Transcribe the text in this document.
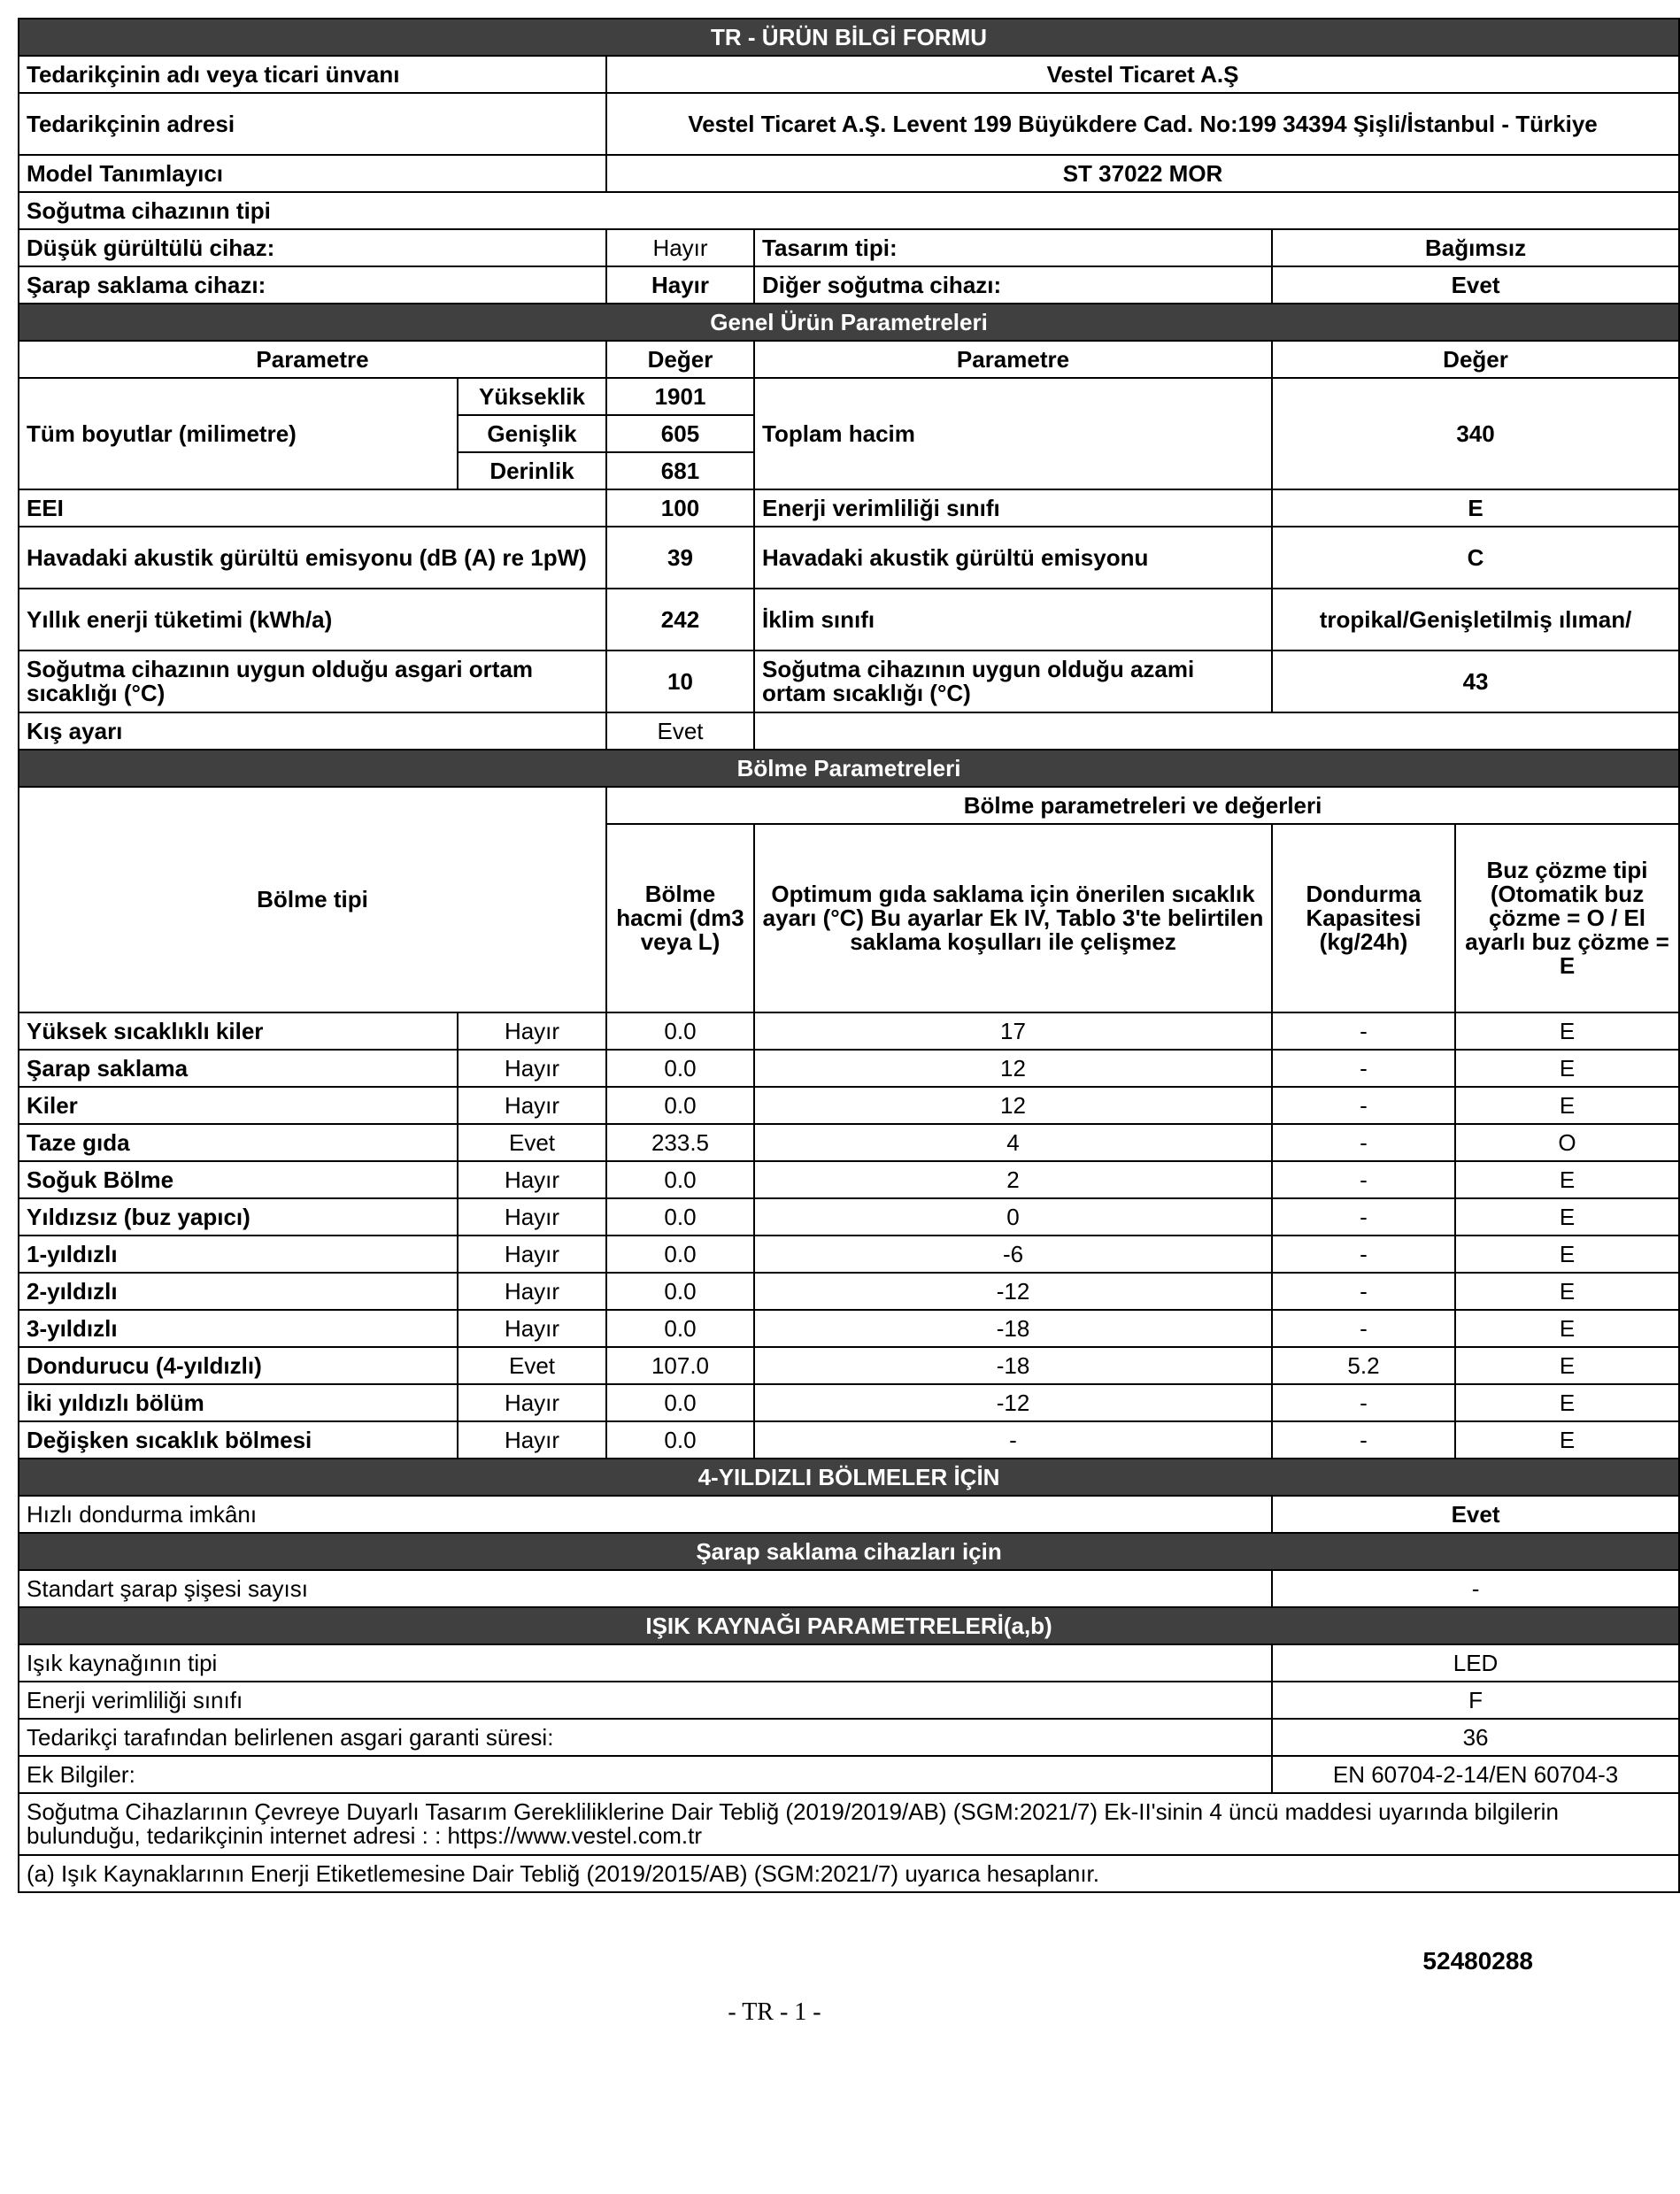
TR - ÜRÜN BİLGİ FORMU					
Tedarikçinin adı veya ticari ünvanı		Vestel Ticaret A.Ş			
Tedarikçinin adresi		Vestel Ticaret A.Ş. Levent 199 Büyükdere Cad. No:199 34394 Şişli/İstanbul - Türkiye			
Model Tanımlayıcı		ST 37022 MOR			
Soğutma cihazının tipi					
Düşük gürültülü cihaz:		Hayır	Tasarım tipi:	Bağımsız	
Şarap saklama cihazı:		Hayır	Diğer soğutma cihazı:	Evet	
Genel Ürün Parametreleri					
Parametre		Değer	Parametre	Değer	
Tüm boyutlar (milimetre)	Yükseklik	1901	Toplam hacim	340	
	Genişlik	605			
	Derinlik	681			
EEI		100	Enerji verimliliği sınıfı	E	
Havadaki akustik gürültü emisyonu (dB (A) re 1pW)		39	Havadaki akustik gürültü emisyonu	C	
Yıllık enerji tüketimi (kWh/a)		242	İklim sınıfı	tropikal/Genişletilmiş ılıman/	
Soğutma cihazının uygun olduğu asgari ortam sıcaklığı (°C)		10	Soğutma cihazının uygun olduğu azami ortam sıcaklığı (°C)	43	
Kış ayarı		Evet			
Bölme Parametreleri					
Bölme tipi		Bölme parametreleri ve değerleri			
		Bölme hacmi (dm3 veya L)	Optimum gıda saklama için önerilen sıcaklık ayarı (°C) Bu ayarlar Ek IV, Tablo 3'te belirtilen saklama koşulları ile çelişmez	Dondurma Kapasitesi (kg/24h)	Buz çözme tipi (Otomatik buz çözme = O / El ayarlı buz çözme = E
Yüksek sıcaklıklı kiler	Hayır	0.0	17	-	E
Şarap saklama	Hayır	0.0	12	-	E
Kiler	Hayır	0.0	12	-	E
Taze gıda	Evet	233.5	4	-	O
Soğuk Bölme	Hayır	0.0	2	-	E
Yıldızsız (buz yapıcı)	Hayır	0.0	0	-	E
1-yıldızlı	Hayır	0.0	-6	-	E
2-yıldızlı	Hayır	0.0	-12	-	E
3-yıldızlı	Hayır	0.0	-18	-	E
Dondurucu (4-yıldızlı)	Evet	107.0	-18	5.2	E
İki yıldızlı bölüm	Hayır	0.0	-12	-	E
Değişken sıcaklık bölmesi	Hayır	0.0	-	-	E
4-YILDIZLI BÖLMELER İÇİN					
Hızlı dondurma imkânı				Evet	
Şarap saklama cihazları için					
Standart şarap şişesi sayısı				-	
IŞIK KAYNAĞI PARAMETRELERİ(a,b)					
Işık kaynağının tipi				LED	
Enerji verimliliği sınıfı				F	
Tedarikçi tarafından belirlenen asgari garanti süresi:				36	
Ek Bilgiler:				EN 60704-2-14/EN 60704-3	
Soğutma Cihazlarının Çevreye Duyarlı Tasarım Gerekliliklerine Dair Tebliğ (2019/2019/AB) (SGM:2021/7) Ek-II'sinin 4 üncü maddesi uyarında bilgilerin bulunduğu, tedarikçinin internet adresi : : https://www.vestel.com.tr					
(a) Işık Kaynaklarının Enerji Etiketlemesine Dair Tebliğ (2019/2015/AB) (SGM:2021/7) uyarıca hesaplanır.					
52480288
- TR - 1 -
